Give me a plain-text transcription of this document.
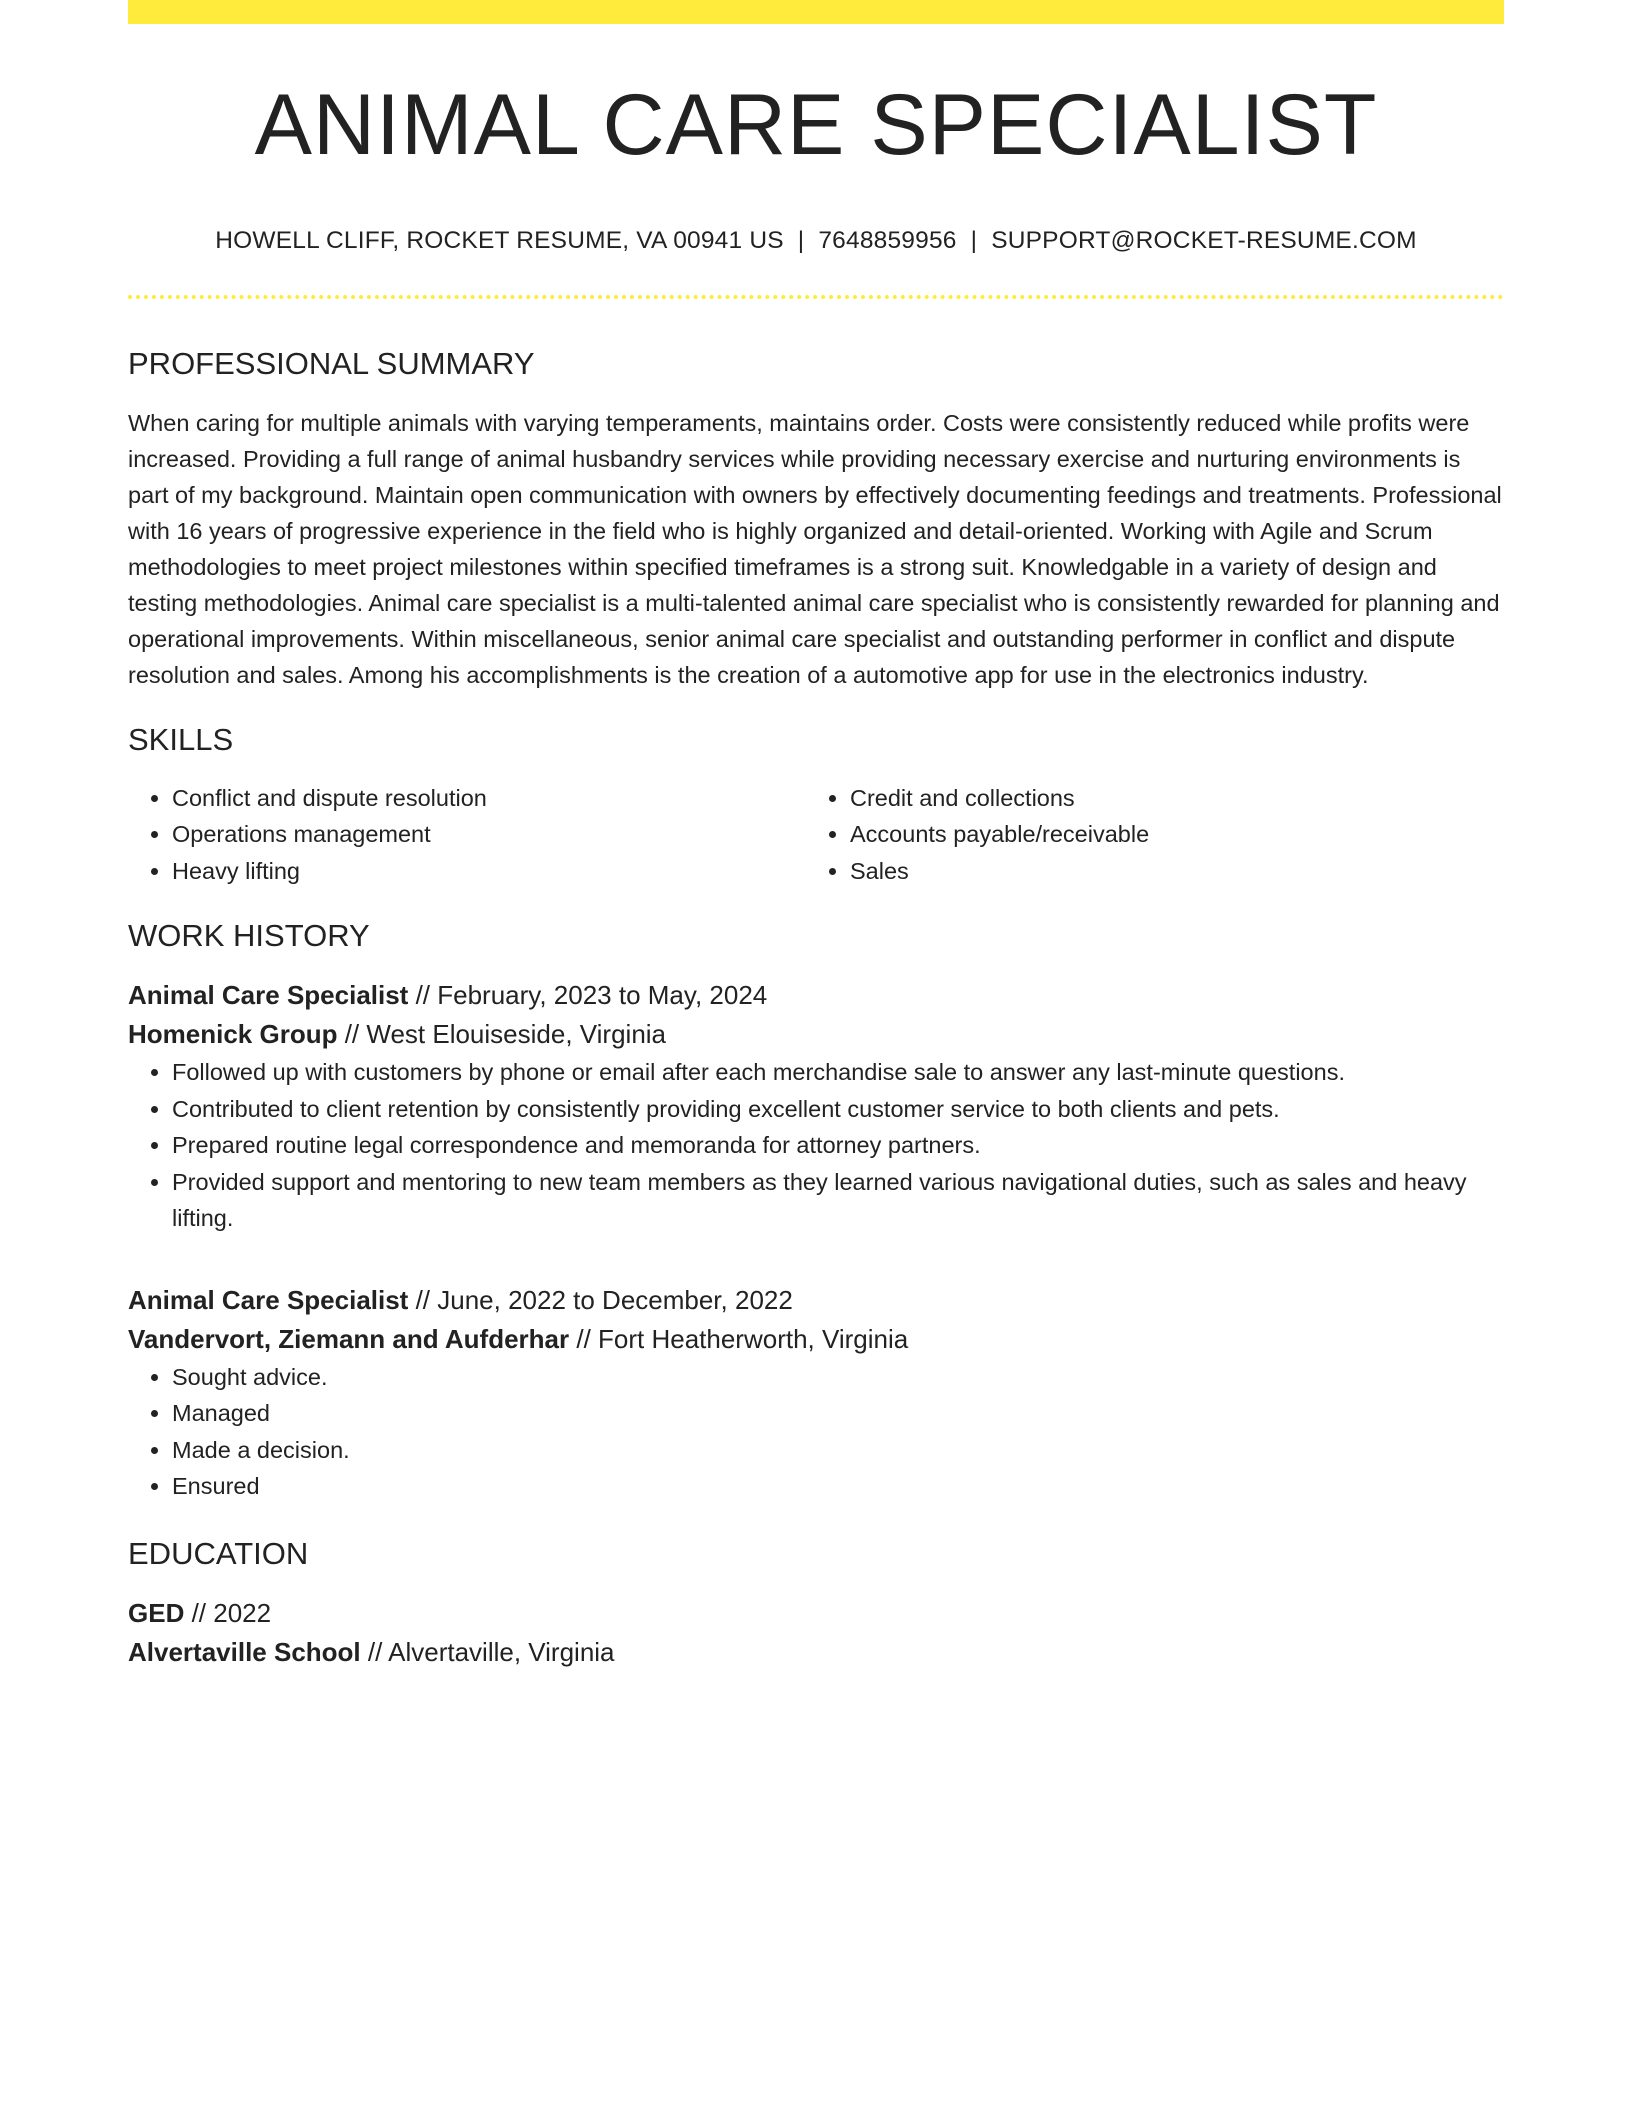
ANIMAL CARE SPECIALIST
HOWELL CLIFF, ROCKET RESUME, VA 00941 US | 7648859956 | SUPPORT@ROCKET-RESUME.COM
PROFESSIONAL SUMMARY

When caring for multiple animals with varying temperaments, maintains order. Costs were consistently reduced while profits were increased. Providing a full range of animal husbandry services while providing necessary exercise and nurturing environments is part of my background. Maintain open communication with owners by effectively documenting feedings and treatments. Professional with 16 years of progressive experience in the field who is highly organized and detail-oriented. Working with Agile and Scrum methodologies to meet project milestones within specified timeframes is a strong suit. Knowledgable in a variety of design and testing methodologies. Animal care specialist is a multi-talented animal care specialist who is consistently rewarded for planning and operational improvements. Within miscellaneous, senior animal care specialist and outstanding performer in conflict and dispute resolution and sales. Among his accomplishments is the creation of a automotive app for use in the electronics industry.

SKILLS
• Conflict and dispute resolution
• Operations management
• Heavy lifting
• Credit and collections
• Accounts payable/receivable
• Sales
WORK HISTORY
Animal Care Specialist // February, 2023 to May, 2024
Homenick Group // West Elouiseside, Virginia
• Followed up with customers by phone or email after each merchandise sale to answer any last-minute questions.
• Contributed to client retention by consistently providing excellent customer service to both clients and pets.
• Prepared routine legal correspondence and memoranda for attorney partners.
• Provided support and mentoring to new team members as they learned various navigational duties, such as sales and heavy lifting.
Animal Care Specialist // June, 2022 to December, 2022
Vandervort, Ziemann and Aufderhar // Fort Heatherworth, Virginia
• Sought advice.
• Managed
• Made a decision.
• Ensured
EDUCATION
GED // 2022
Alvertaville School // Alvertaville, Virginia
